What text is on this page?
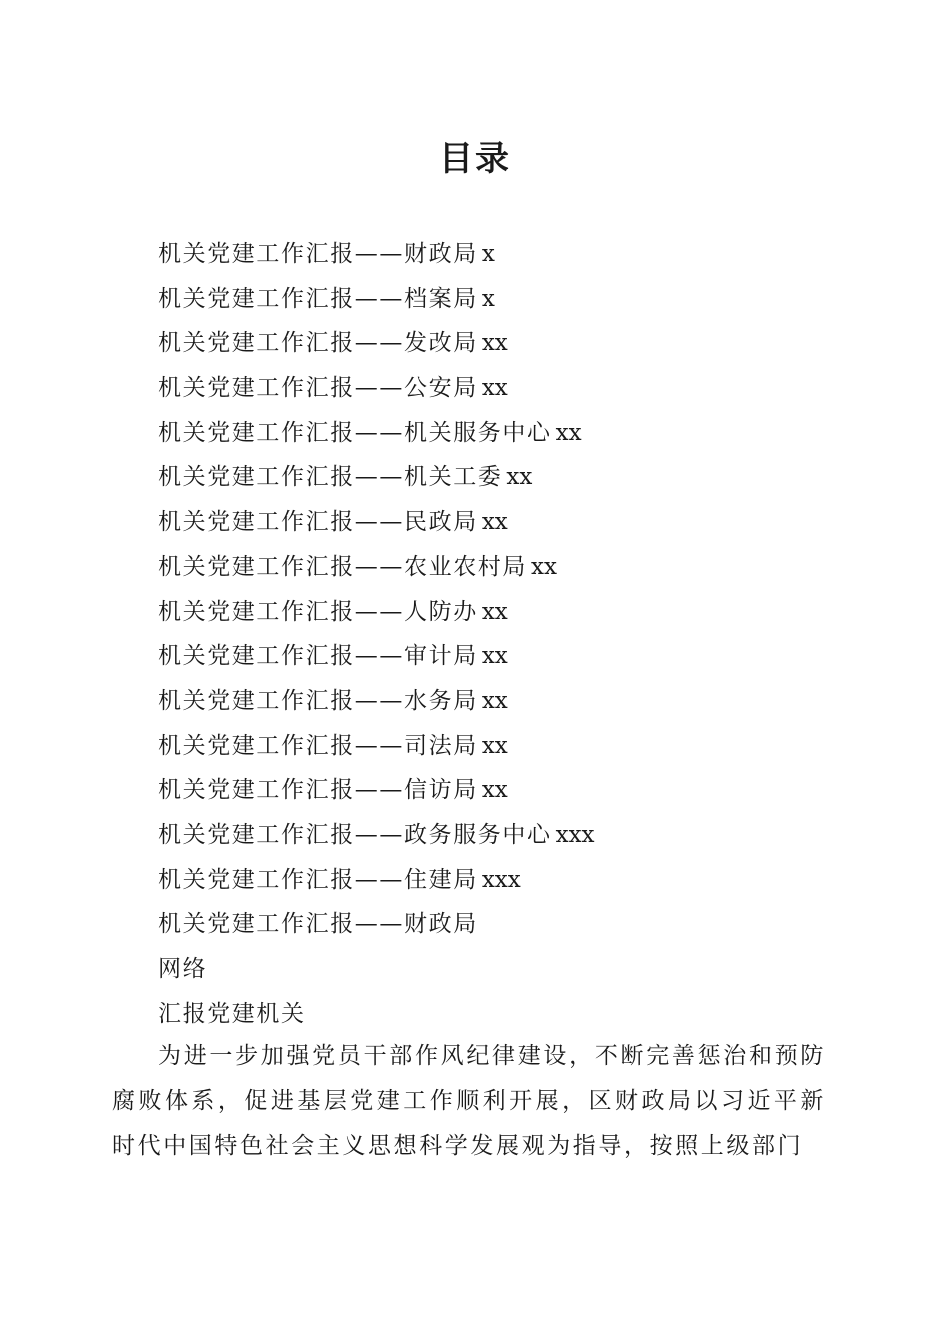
目录
机关党建工作汇报——财政局 x
机关党建工作汇报——档案局 x
机关党建工作汇报——发改局 xx
机关党建工作汇报——公安局 xx
机关党建工作汇报——机关服务中心 xx
机关党建工作汇报——机关工委 xx
机关党建工作汇报——民政局 xx
机关党建工作汇报——农业农村局 xx
机关党建工作汇报——人防办 xx
机关党建工作汇报——审计局 xx
机关党建工作汇报——水务局 xx
机关党建工作汇报——司法局 xx
机关党建工作汇报——信访局 xx
机关党建工作汇报——政务服务中心 xxx
机关党建工作汇报——住建局 xxx
机关党建工作汇报——财政局
网络
汇报党建机关

为进一步加强党员干部作风纪律建设，不断完善惩治和预防腐败体系，促进基层党建工作顺利开展，区财政局以习近平新时代中国特色社会主义思想科学发展观为指导，按照上级部门
